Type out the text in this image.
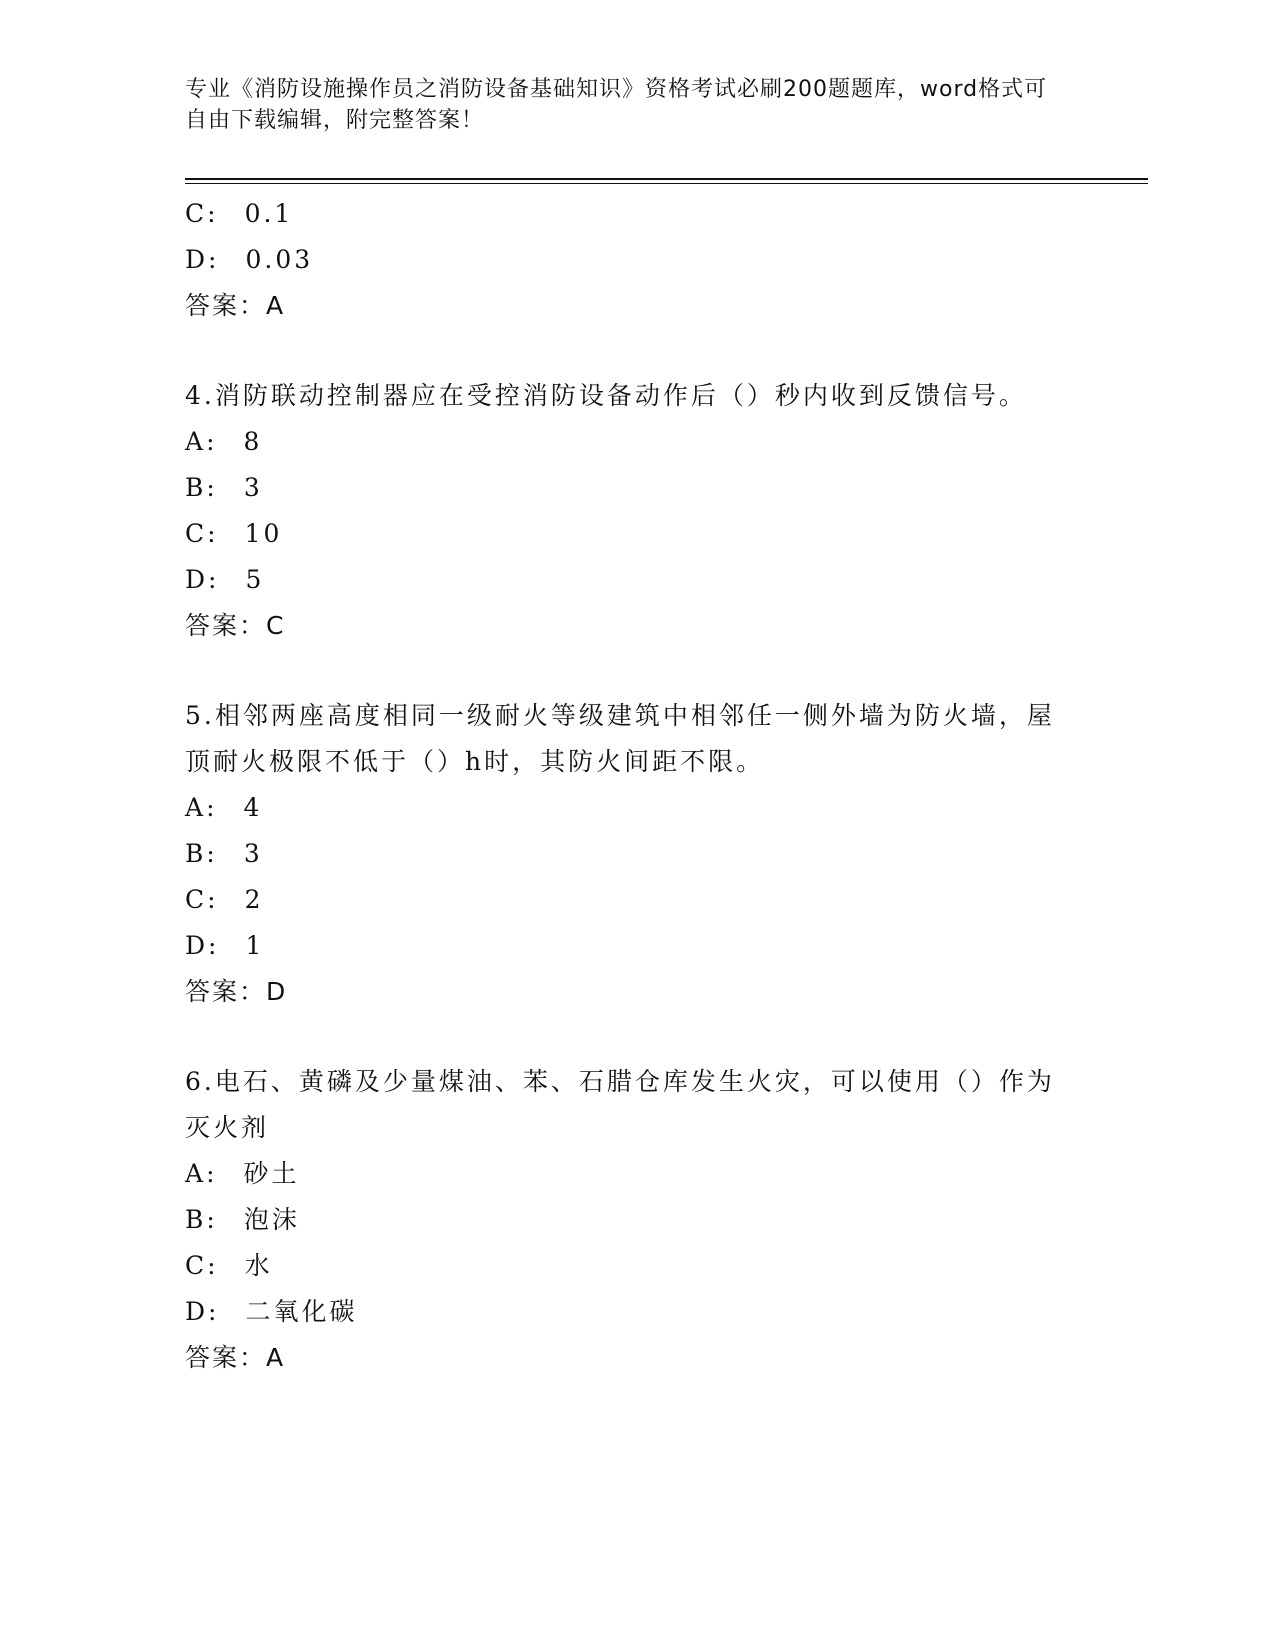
专业《消防设施操作员之消防设备基础知识》资格考试必刷200题题库，word格式可自由下载编辑，附完整答案！
C: 0.1
D: 0.03
答案：A
4.消防联动控制器应在受控消防设备动作后（）秒内收到反馈信号。
A: 8
B: 3
C: 10
D: 5
答案：C
5.相邻两座高度相同一级耐火等级建筑中相邻任一侧外墙为防火墙，屋顶耐火极限不低于（）h时，其防火间距不限。
A: 4
B: 3
C: 2
D: 1
答案：D
6.电石、黄磷及少量煤油、苯、石腊仓库发生火灾，可以使用（）作为灭火剂
A: 砂土
B: 泡沫
C: 水
D: 二氧化碳
答案：A
